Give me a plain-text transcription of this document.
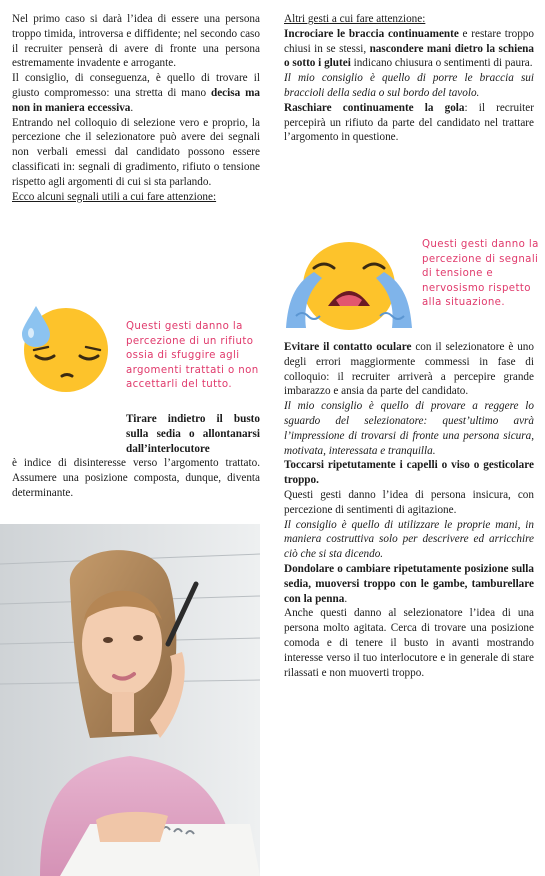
Nel primo caso si darà l’idea di essere una persona troppo timida, introversa e diffidente; nel secondo caso il recruiter penserà di avere di fronte una persona estremamente invadente e arrogante.

Il consiglio, di conseguenza, è quello di trovare il giusto compromesso: una stretta di mano decisa ma non in maniera eccessiva.

Entrando nel colloquio di selezione vero e proprio, la percezione che il selezionatore può avere dei segnali non verbali emessi dal candidato possono essere classificati in: segnali di gradimento, rifiuto o tensione rispetto agli argomenti di cui si sta parlando.

Ecco alcuni segnali utili a cui fare attenzione:

Questi gesti danno la percezione di un rifiuto ossia di sfuggire agli argomenti trattati o non accettarli del tutto.

Tirare indietro il busto sulla sedia o allontanarsi dall’interlocutore

è indice di disinteresse verso l’argomento trattato. Assumere una posizione composta, dunque, diventa determinante.

Altri gesti a cui fare attenzione:

Incrociare le braccia continuamente e restare troppo chiusi in se stessi, nascondere mani dietro la schiena o sotto i glutei indicano chiusura o sentimenti di paura.

Il mio consiglio è quello di porre le braccia sui braccioli della sedia o sul bordo del tavolo.

Raschiare continuamente la gola: il recruiter percepirà un rifiuto da parte del candidato nel trattare l’argomento in questione.

Questi gesti danno la percezione di segnali di tensione e nervosismo rispetto alla situazione.

Evitare il contatto oculare con il selezionatore è uno degli errori maggiormente commessi in fase di colloquio: il recruiter arriverà a percepire grande imbarazzo e ansia da parte del candidato.

Il mio consiglio è quello di provare a reggere lo sguardo del selezionatore: quest’ultimo avrà l’impressione di trovarsi di fronte una persona sicura, motivata, interessata e tranquilla.

Toccarsi ripetutamente i capelli o viso o gesticolare troppo.

Questi gesti danno l’idea di persona insicura, con percezione di sentimenti di agitazione.

Il consiglio è quello di utilizzare le proprie mani, in maniera costruttiva solo per descrivere ed arricchire ciò che si sta dicendo.

Dondolare o cambiare ripetutamente posizione sulla sedia, muoversi troppo con le gambe, tamburellare con la penna.

Anche questi danno al selezionatore l’idea di una persona molto agitata. Cerca di trovare una posizione comoda e di tenere il busto in avanti mostrando interesse verso il tuo interlocutore e in generale di stare rilassati e non muoverti troppo.
